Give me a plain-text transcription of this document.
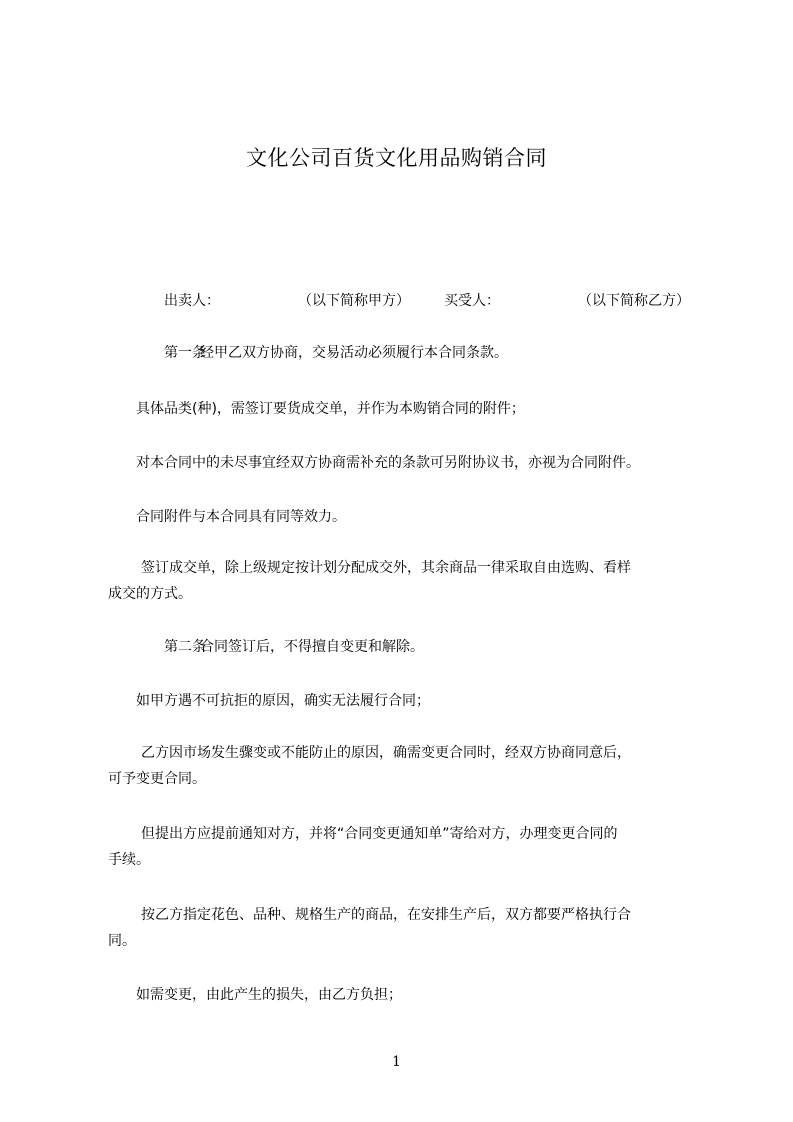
文化公司百货文化用品购销合同
出卖人：	（以下简称甲方） 买受人：	（以下简称乙方）
第一条经甲乙双方协商，交易活动必须履行本合同条款。
具体品类(种)，需签订要货成交单，并作为本购销合同的附件；
对本合同中的未尽事宜经双方协商需补充的条款可另附协议书，亦视为合同附件。
合同附件与本合同具有同等效力。
签订成交单，除上级规定按计划分配成交外，其余商品一律采取自由选购、看样
成交的方式。
第二条合同签订后，不得擅自变更和解除。
如甲方遇不可抗拒的原因，确实无法履行合同；
乙方因市场发生骤变或不能防止的原因，确需变更合同时，经双方协商同意后，
可予变更合同。
但提出方应提前通知对方，并将“合同变更通知单”寄给对方，办理变更合同的
手续。
按乙方指定花色、品种、规格生产的商品，在安排生产后，双方都要严格执行合
同。
如需变更，由此产生的损失，由乙方负担；
1
